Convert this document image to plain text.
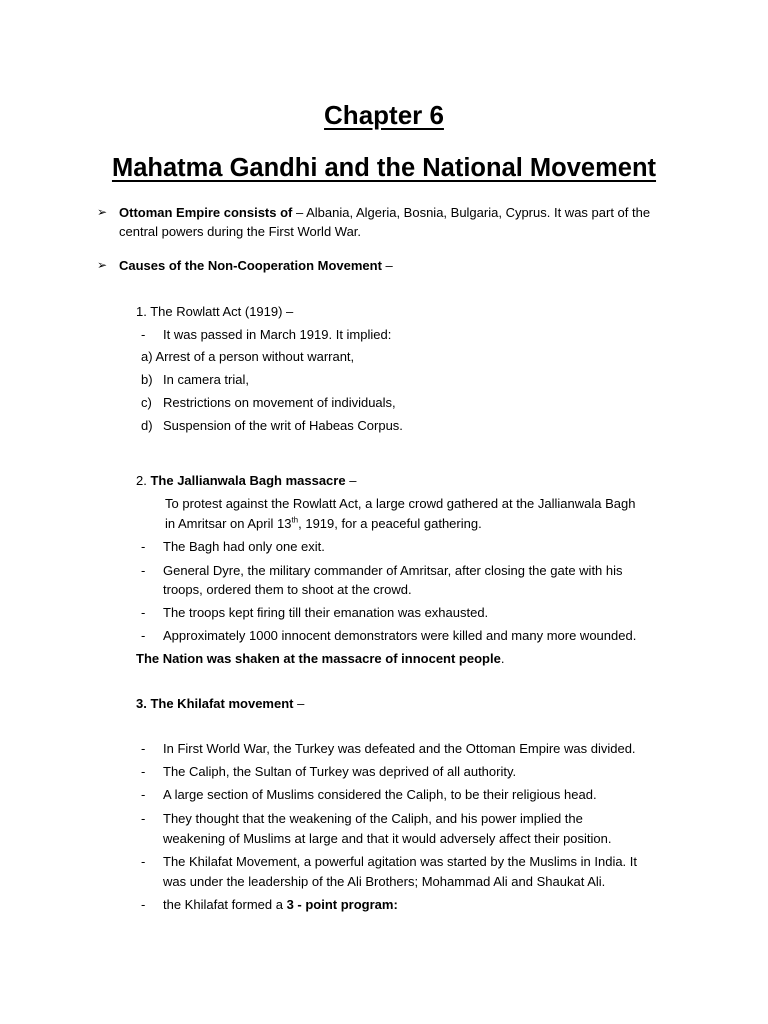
Chapter 6
Mahatma Gandhi and the National Movement
➢ Ottoman Empire consists of – Albania, Algeria, Bosnia, Bulgaria, Cyprus. It was part of the
central powers during the First World War.
➢ Causes of the Non-Cooperation Movement –
1. The Rowlatt Act (1919) –
- It was passed in March 1919. It implied:
a) Arrest of a person without warrant,
b) In camera trial,
c) Restrictions on movement of individuals,
d) Suspension of the writ of Habeas Corpus.
2. The Jallianwala Bagh massacre –
To protest against the Rowlatt Act, a large crowd gathered at the Jallianwala Bagh
in Amritsar on April 13th, 1919, for a peaceful gathering.
- The Bagh had only one exit.
- General Dyre, the military commander of Amritsar, after closing the gate with his
troops, ordered them to shoot at the crowd.
- The troops kept firing till their emanation was exhausted.
- Approximately 1000 innocent demonstrators were killed and many more wounded.
The Nation was shaken at the massacre of innocent people.
3. The Khilafat movement –
- In First World War, the Turkey was defeated and the Ottoman Empire was divided.
- The Caliph, the Sultan of Turkey was deprived of all authority.
- A large section of Muslims considered the Caliph, to be their religious head.
- They thought that the weakening of the Caliph, and his power implied the
weakening of Muslims at large and that it would adversely affect their position.
- The Khilafat Movement, a powerful agitation was started by the Muslims in India. It
was under the leadership of the Ali Brothers; Mohammad Ali and Shaukat Ali.
- the Khilafat formed a 3 - point program:
